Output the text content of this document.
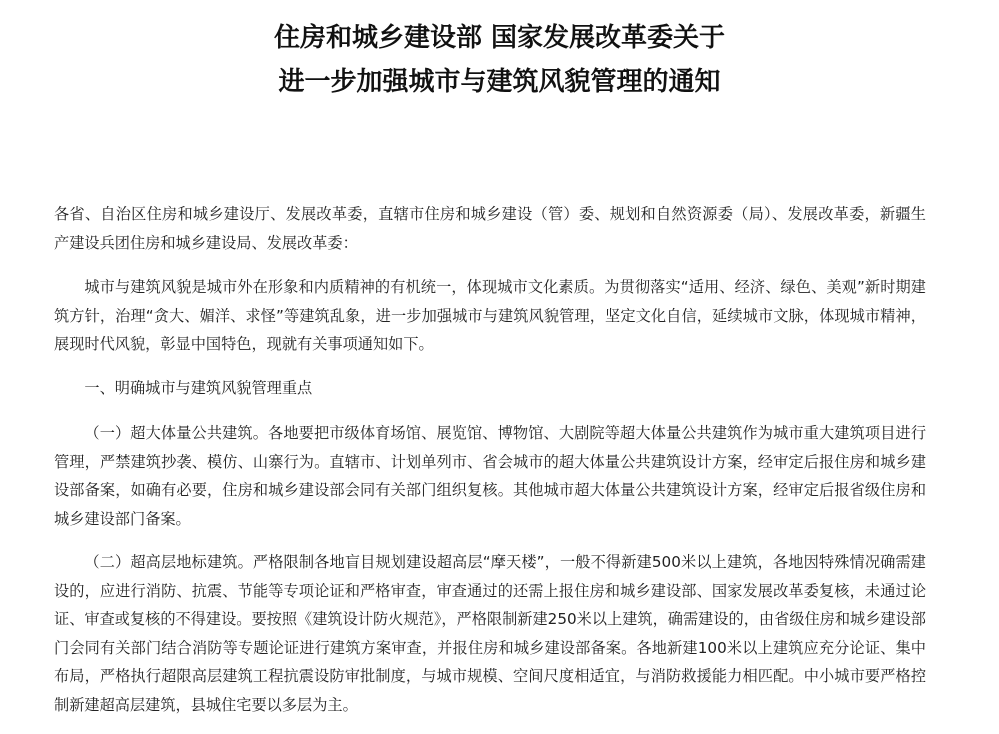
住房和城乡建设部 国家发展改革委关于
进一步加强城市与建筑风貌管理的通知

各省、自治区住房和城乡建设厅、发展改革委，直辖市住房和城乡建设（管）委、规划和自然资源委（局）、发展改革委，新疆生产建设兵团住房和城乡建设局、发展改革委：

城市与建筑风貌是城市外在形象和内质精神的有机统一，体现城市文化素质。为贯彻落实“适用、经济、绿色、美观”新时期建筑方针，治理“贪大、媚洋、求怪”等建筑乱象，进一步加强城市与建筑风貌管理，坚定文化自信，延续城市文脉，体现城市精神，展现时代风貌，彰显中国特色，现就有关事项通知如下。

一、明确城市与建筑风貌管理重点

（一）超大体量公共建筑。各地要把市级体育场馆、展览馆、博物馆、大剧院等超大体量公共建筑作为城市重大建筑项目进行管理，严禁建筑抄袭、模仿、山寨行为。直辖市、计划单列市、省会城市的超大体量公共建筑设计方案，经审定后报住房和城乡建设部备案，如确有必要，住房和城乡建设部会同有关部门组织复核。其他城市超大体量公共建筑设计方案，经审定后报省级住房和城乡建设部门备案。

（二）超高层地标建筑。严格限制各地盲目规划建设超高层“摩天楼”，一般不得新建500米以上建筑，各地因特殊情况确需建设的，应进行消防、抗震、节能等专项论证和严格审查，审查通过的还需上报住房和城乡建设部、国家发展改革委复核，未通过论证、审查或复核的不得建设。要按照《建筑设计防火规范》，严格限制新建250米以上建筑，确需建设的，由省级住房和城乡建设部门会同有关部门结合消防等专题论证进行建筑方案审查，并报住房和城乡建设部备案。各地新建100米以上建筑应充分论证、集中布局，严格执行超限高层建筑工程抗震设防审批制度，与城市规模、空间尺度相适宜，与消防救援能力相匹配。中小城市要严格控制新建超高层建筑，县城住宅要以多层为主。
